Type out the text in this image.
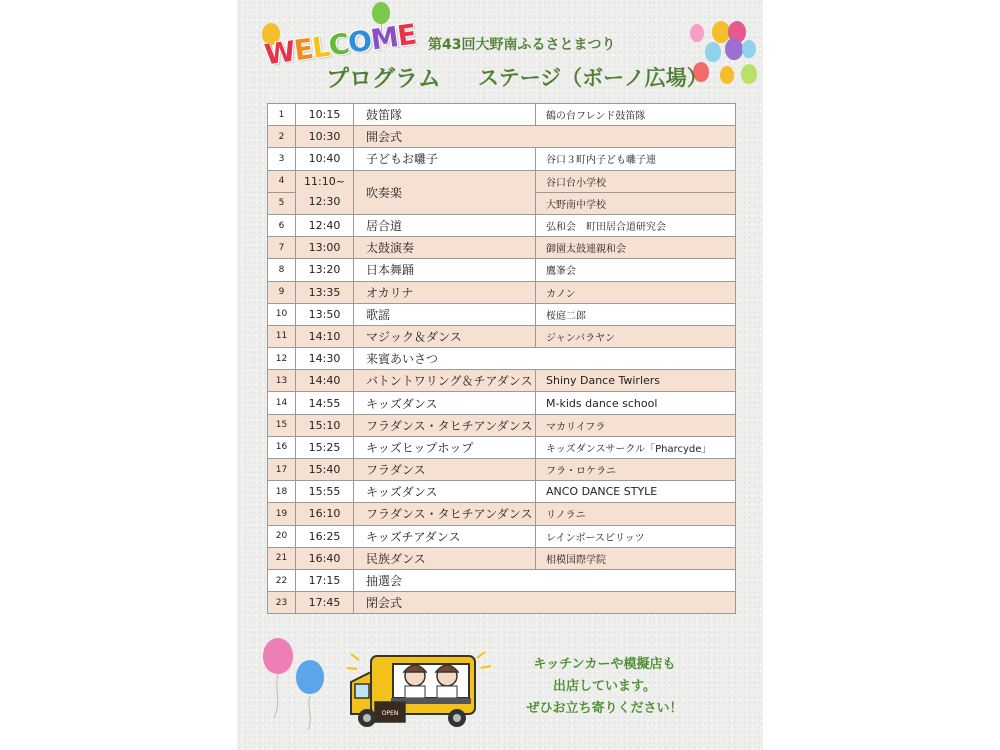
WELCOME 第43回大野南ふるさとまつり
プログラム ステージ（ボーノ広場）
1	10:15	鼓笛隊	鶴の台フレンド鼓笛隊
2	10:30	開会式	
3	10:40	子どもお囃子	谷口３町内子ども囃子連
4	11:10~ 12:30	吹奏楽	谷口台小学校
5			大野南中学校
6	12:40	居合道	弘和会　町田居合道研究会
7	13:00	太鼓演奏	御園太鼓連親和会
8	13:20	日本舞踊	鷹峯会
9	13:35	オカリナ	カノン
10	13:50	歌謡	桜庭二郎
11	14:10	マジック＆ダンス	ジャンバラヤン
12	14:30	来賓あいさつ	
13	14:40	バトントワリング＆チアダンス	Shiny Dance Twirlers
14	14:55	キッズダンス	M-kids dance school
15	15:10	フラダンス・タヒチアンダンス	マカリイフラ
16	15:25	キッズヒップホップ	キッズダンスサークル「Pharcyde」
17	15:40	フラダンス	フラ・ロケラニ
18	15:55	キッズダンス	ANCO DANCE STYLE
19	16:10	フラダンス・タヒチアンダンス	リノラニ
20	16:25	キッズチアダンス	レインボースピリッツ
21	16:40	民族ダンス	相模国際学院
22	17:15	抽選会	
23	17:45	閉会式	
OPEN
キッチンカーや模擬店も
出店しています。
ぜひお立ち寄りください！
